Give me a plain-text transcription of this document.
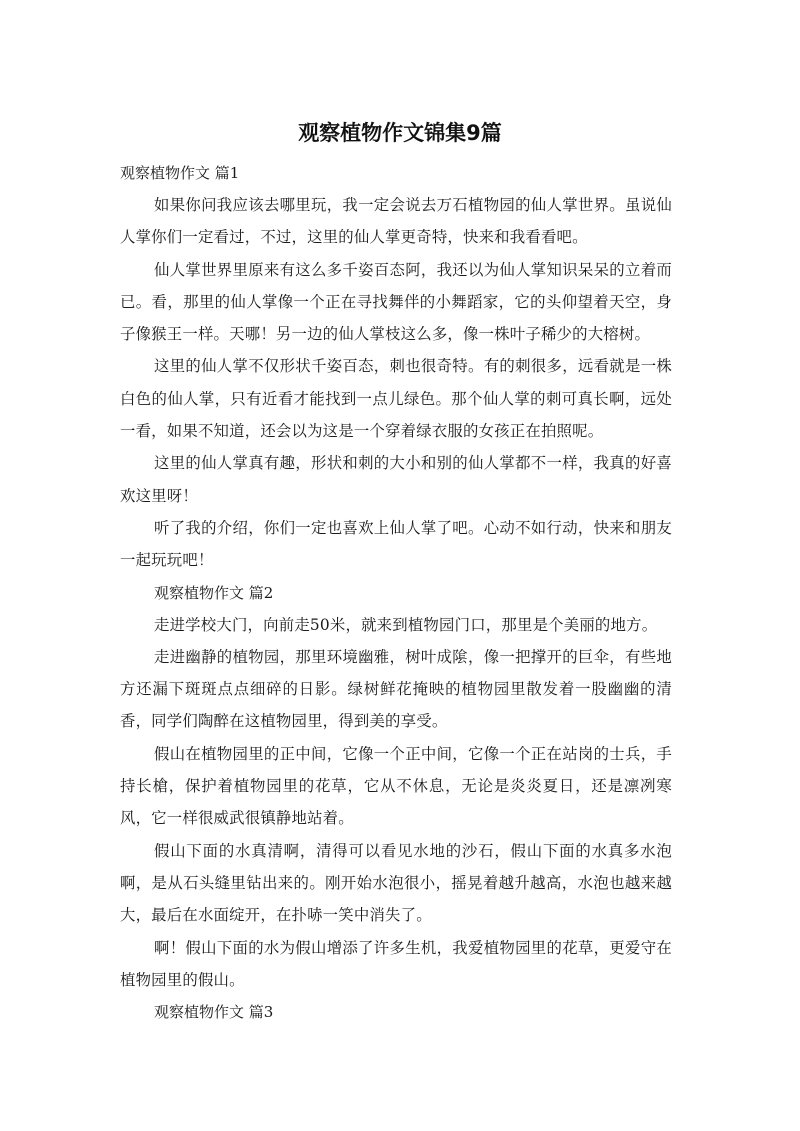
观察植物作文锦集9篇
观察植物作文 篇1

如果你问我应该去哪里玩，我一定会说去万石植物园的仙人掌世界。虽说仙人掌你们一定看过，不过，这里的仙人掌更奇特，快来和我看看吧。

仙人掌世界里原来有这么多千姿百态阿，我还以为仙人掌知识呆呆的立着而已。看，那里的仙人掌像一个正在寻找舞伴的小舞蹈家，它的头仰望着天空，身子像猴王一样。天哪！另一边的仙人掌枝这么多，像一株叶子稀少的大榕树。

这里的仙人掌不仅形状千姿百态，刺也很奇特。有的刺很多，远看就是一株白色的仙人掌，只有近看才能找到一点儿绿色。那个仙人掌的刺可真长啊，远处一看，如果不知道，还会以为这是一个穿着绿衣服的女孩正在拍照呢。

这里的仙人掌真有趣，形状和刺的大小和别的仙人掌都不一样，我真的好喜欢这里呀！

听了我的介绍，你们一定也喜欢上仙人掌了吧。心动不如行动，快来和朋友一起玩玩吧！

观察植物作文 篇2

走进学校大门，向前走50米，就来到植物园门口，那里是个美丽的地方。

走进幽静的植物园，那里环境幽雅，树叶成隂，像一把撑开的巨伞，有些地方还漏下斑斑点点细碎的日影。绿树鲜花掩映的植物园里散发着一股幽幽的清香，同学们陶醉在这植物园里，得到美的享受。

假山在植物园里的正中间，它像一个正中间，它像一个正在站岗的士兵，手持长槍，保护着植物园里的花草，它从不休息，无论是炎炎夏日，还是凛冽寒风，它一样很威武很镇静地站着。

假山下面的水真清啊，清得可以看见水地的沙石，假山下面的水真多水泡啊，是从石头缝里钻出来的。刚开始水泡很小，摇晃着越升越高，水泡也越来越大，最后在水面绽开，在扑哧一笑中消失了。

啊！假山下面的水为假山增添了许多生机，我爱植物园里的花草，更爱守在植物园里的假山。

观察植物作文 篇3
